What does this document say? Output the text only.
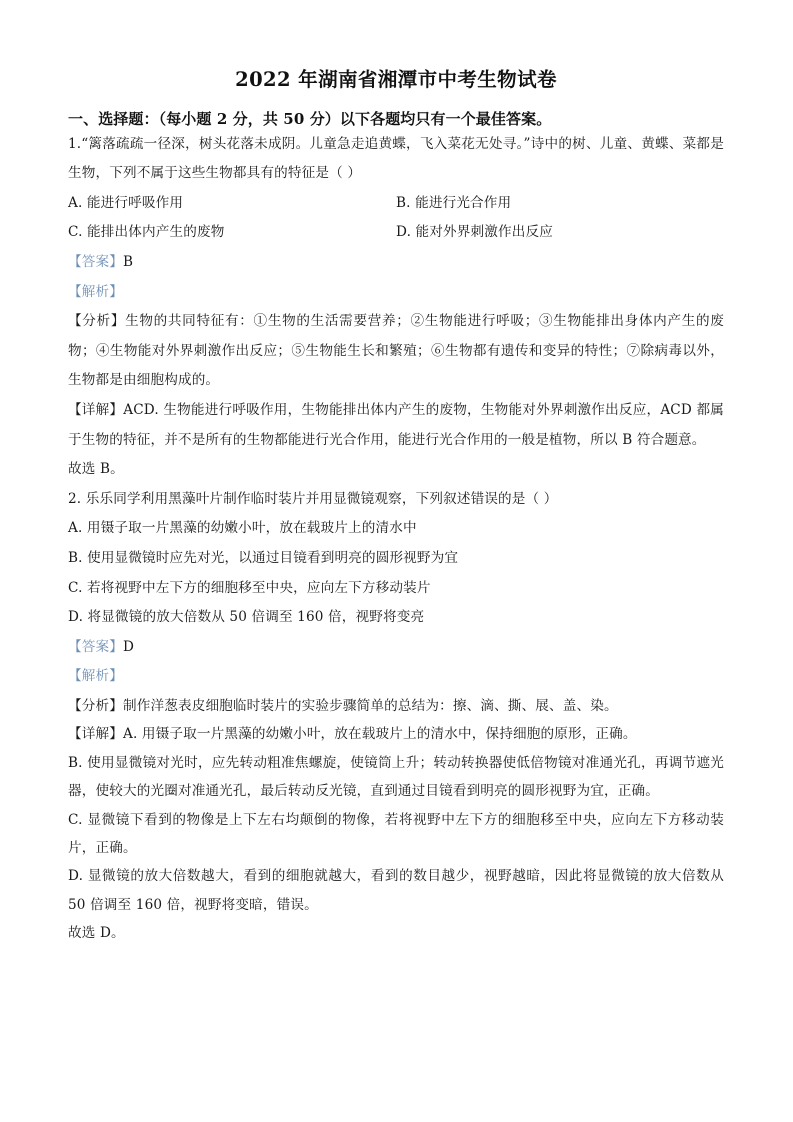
2022 年湖南省湘潭市中考生物试卷
一、选择题：（每小题 2 分，共 50 分）以下各题均只有一个最佳答案。
1.“篱落疏疏一径深，树头花落未成阴。儿童急走追黄蝶，飞入菜花无处寻。”诗中的树、儿童、黄蝶、菜都是生物，下列不属于这些生物都具有的特征是（ ）
A. 能进行呼吸作用	B. 能进行光合作用
C. 能排出体内产生的废物	D. 能对外界刺激作出反应
【答案】B
【解析】
【分析】生物的共同特征有：①生物的生活需要营养；②生物能进行呼吸；③生物能排出身体内产生的废物；④生物能对外界刺激作出反应；⑤生物能生长和繁殖；⑥生物都有遗传和变异的特性；⑦除病毒以外，生物都是由细胞构成的。
【详解】ACD. 生物能进行呼吸作用，生物能排出体内产生的废物，生物能对外界刺激作出反应，ACD 都属于生物的特征，并不是所有的生物都能进行光合作用，能进行光合作用的一般是植物，所以 B 符合题意。
故选 B。
2. 乐乐同学利用黑藻叶片制作临时装片并用显微镜观察，下列叙述错误的是（ ）
A. 用镊子取一片黑藻的幼嫩小叶，放在载玻片上的清水中
B. 使用显微镜时应先对光，以通过目镜看到明亮的圆形视野为宜
C. 若将视野中左下方的细胞移至中央，应向左下方移动装片
D. 将显微镜的放大倍数从 50 倍调至 160 倍，视野将变亮
【答案】D
【解析】
【分析】制作洋葱表皮细胞临时装片的实验步骤简单的总结为：擦、滴、撕、展、盖、染。
【详解】A. 用镊子取一片黑藻的幼嫩小叶，放在载玻片上的清水中，保持细胞的原形，正确。
B. 使用显微镜对光时，应先转动粗准焦螺旋，使镜筒上升；转动转换器使低倍物镜对准通光孔，再调节遮光器，使较大的光圈对准通光孔，最后转动反光镜，直到通过目镜看到明亮的圆形视野为宜，正确。
C. 显微镜下看到的物像是上下左右均颠倒的物像，若将视野中左下方的细胞移至中央，应向左下方移动装片，正确。
D. 显微镜的放大倍数越大，看到的细胞就越大，看到的数目越少，视野越暗，因此将显微镜的放大倍数从 50 倍调至 160 倍，视野将变暗，错误。
故选 D。
